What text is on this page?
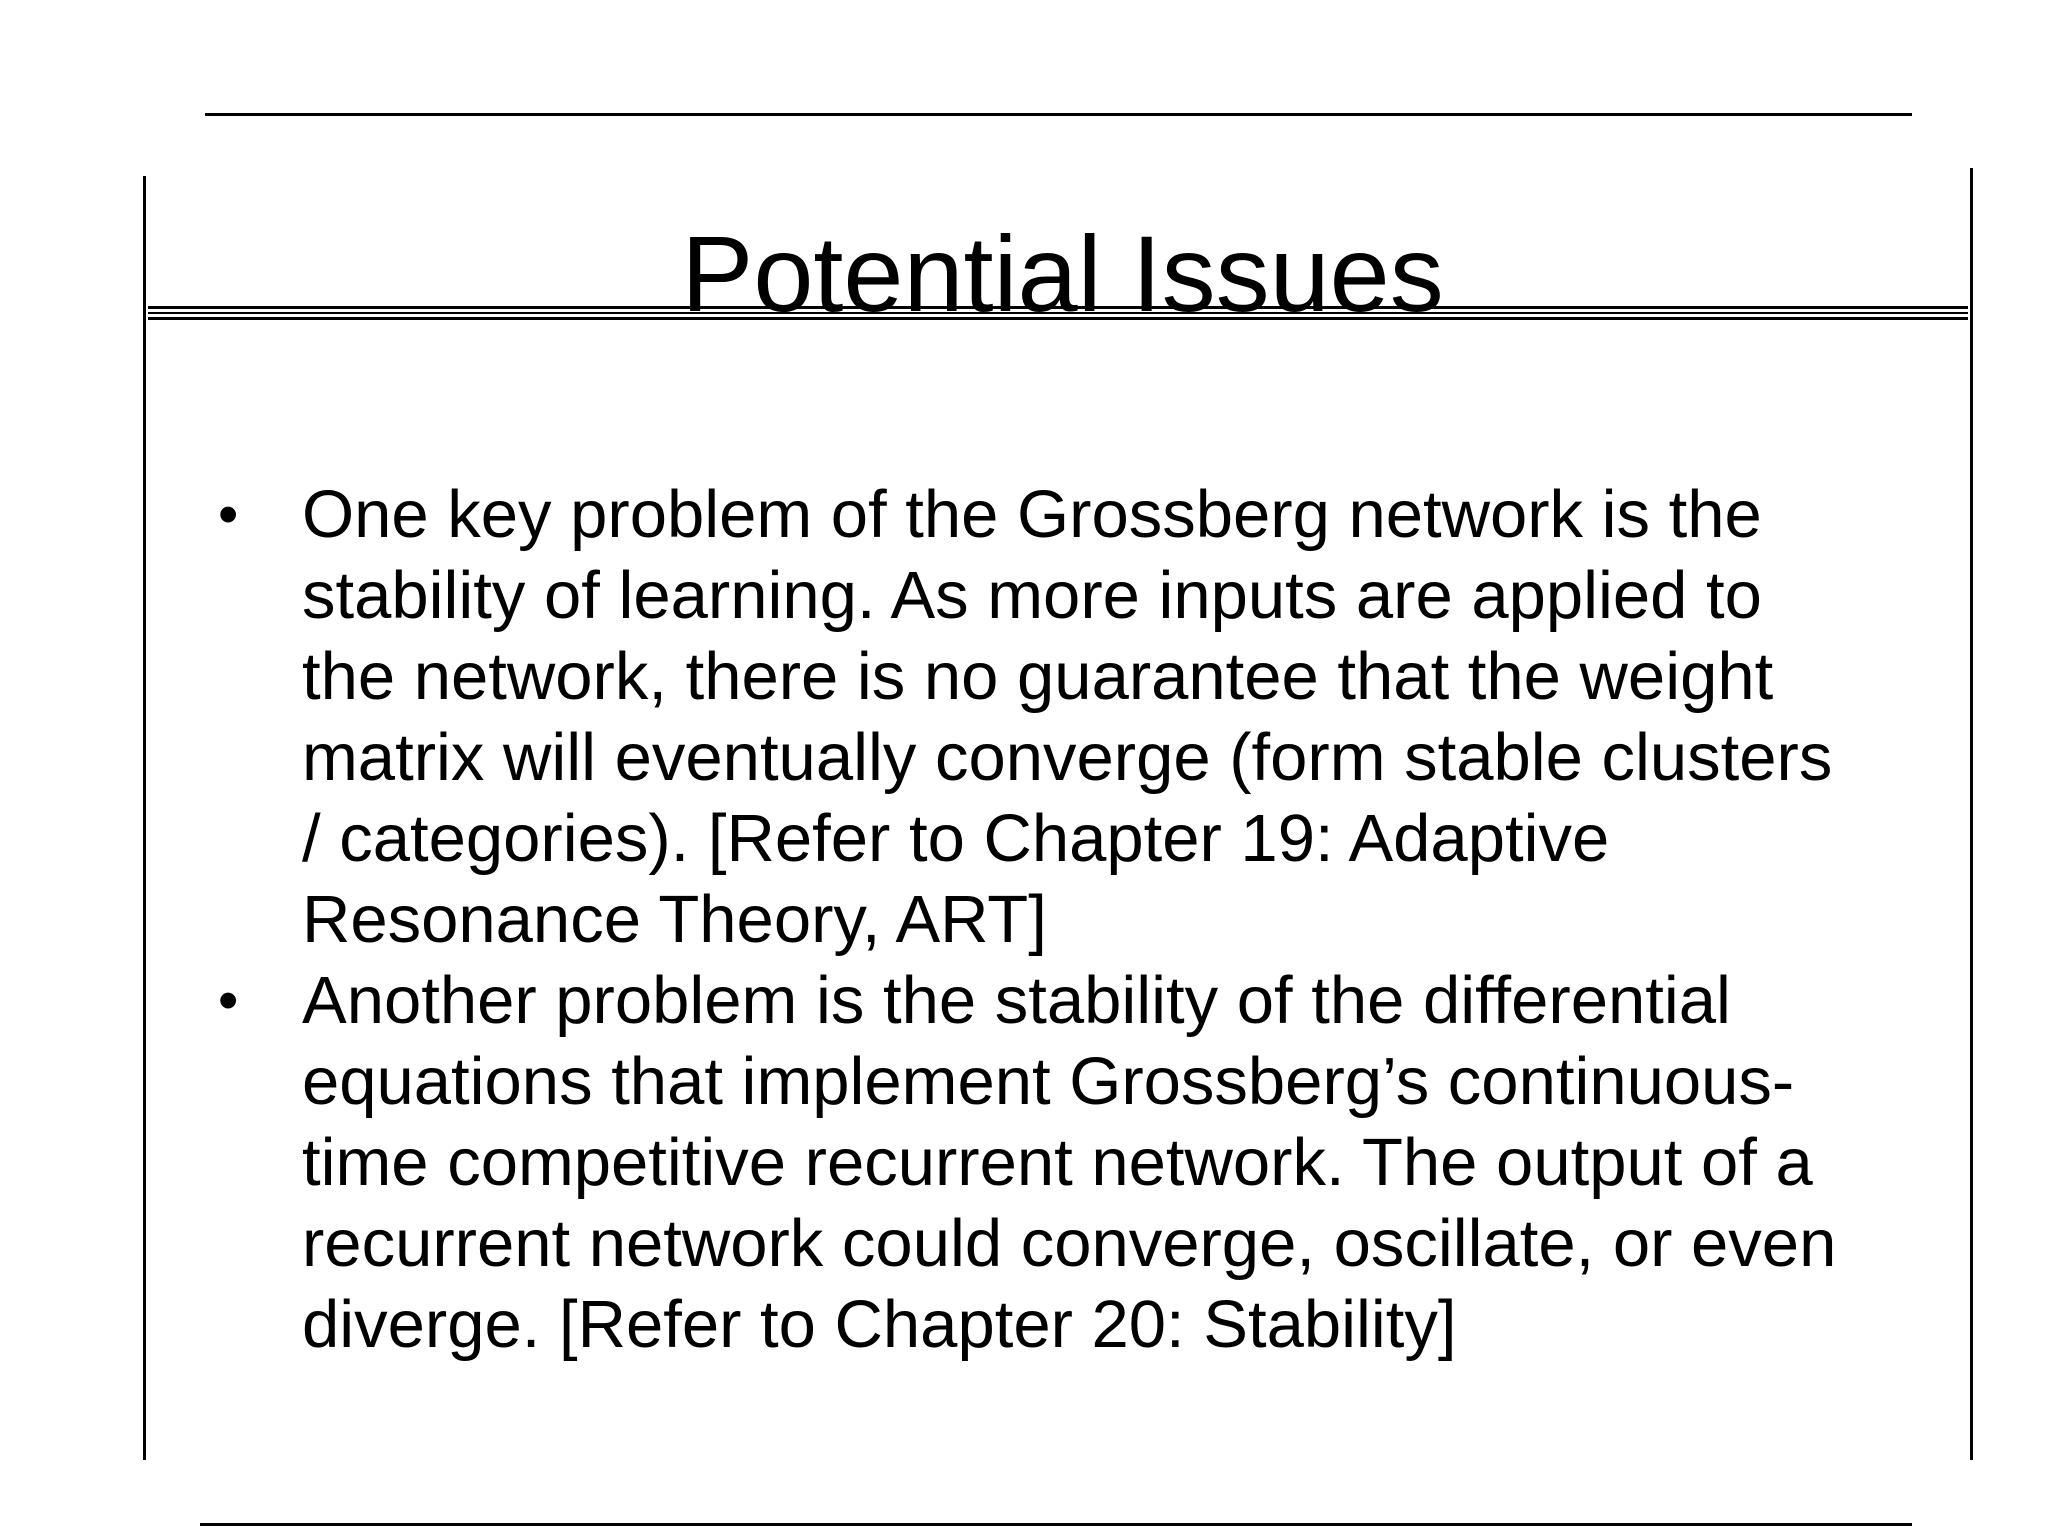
Potential Issues
• One key problem of the Grossberg network is the
stability of learning. As more inputs are applied to
the network, there is no guarantee that the weight
matrix will eventually converge (form stable clusters
/ categories). [Refer to Chapter 19: Adaptive
Resonance Theory, ART]
• Another problem is the stability of the differential
equations that implement Grossberg’s continuous-
time competitive recurrent network. The output of a
recurrent network could converge, oscillate, or even
diverge. [Refer to Chapter 20: Stability]
